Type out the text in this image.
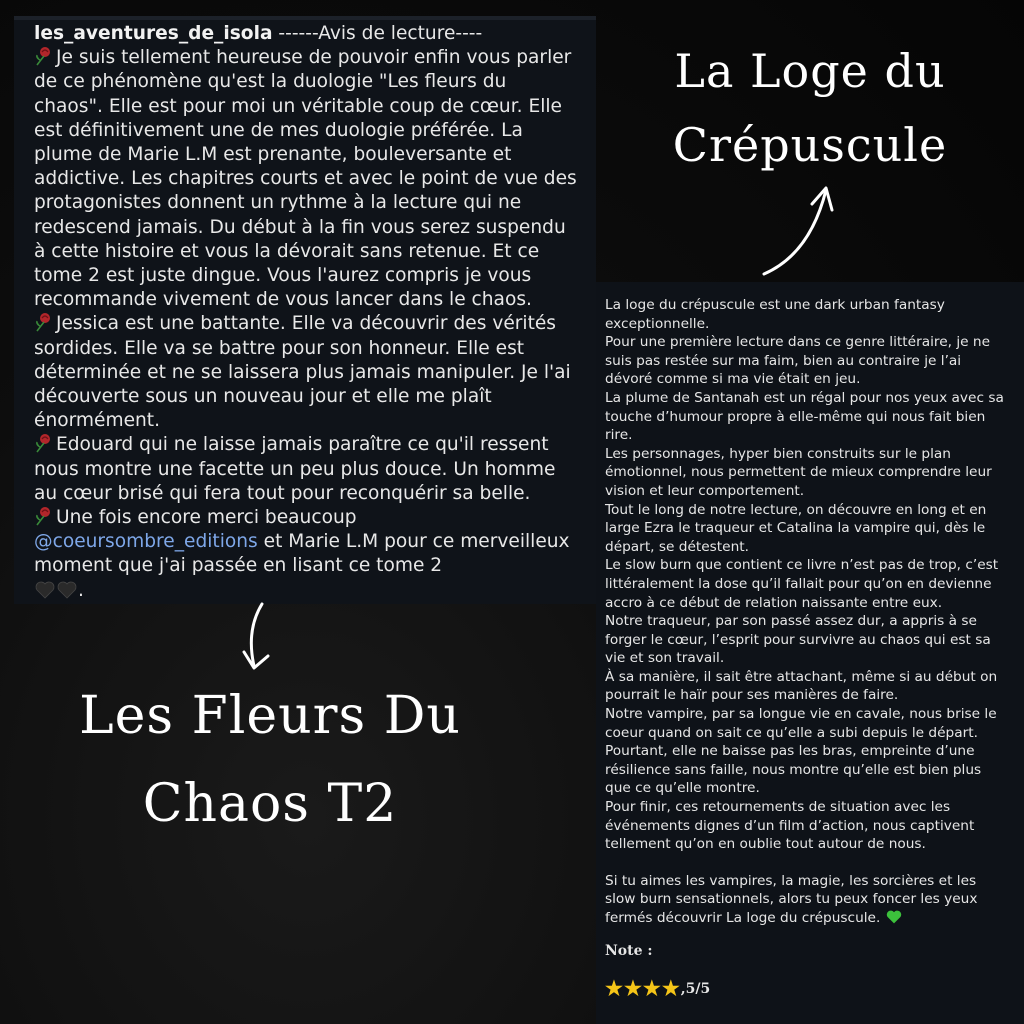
les_aventures_de_isola ------Avis de lecture----
Je suis tellement heureuse de pouvoir enfin vous parler de ce phénomène qu'est la duologie "Les fleurs du chaos". Elle est pour moi un véritable coup de cœur. Elle est définitivement une de mes duologie préférée. La plume de Marie L.M est prenante, bouleversante et addictive. Les chapitres courts et avec le point de vue des protagonistes donnent un rythme à la lecture qui ne redescend jamais. Du début à la fin vous serez suspendu à cette histoire et vous la dévorait sans retenue. Et ce tome 2 est juste dingue. Vous l'aurez compris je vous recommande vivement de vous lancer dans le chaos.
Jessica est une battante. Elle va découvrir des vérités sordides. Elle va se battre pour son honneur. Elle est déterminée et ne se laissera plus jamais manipuler. Je l'ai découverte sous un nouveau jour et elle me plaît énormément.
Edouard qui ne laisse jamais paraître ce qu'il ressent nous montre une facette un peu plus douce. Un homme au cœur brisé qui fera tout pour reconquérir sa belle.
Une fois encore merci beaucoup @coeursombre_editions et Marie L.M pour ce merveilleux moment que j'ai passée en lisant ce tome 2
.
La Loge du
Crépuscule
Les Fleurs Du
Chaos T2

La loge du crépuscule est une dark urban fantasy exceptionnelle.

Pour une première lecture dans ce genre littéraire, je ne suis pas restée sur ma faim, bien au contraire je l’ai dévoré comme si ma vie était en jeu.

La plume de Santanah est un régal pour nos yeux avec sa touche d’humour propre à elle-même qui nous fait bien rire.

Les personnages, hyper bien construits sur le plan émotionnel, nous permettent de mieux comprendre leur vision et leur comportement.

Tout le long de notre lecture, on découvre en long et en large Ezra le traqueur et Catalina la vampire qui, dès le départ, se détestent.

Le slow burn que contient ce livre n’est pas de trop, c’est littéralement la dose qu’il fallait pour qu’on en devienne accro à ce début de relation naissante entre eux.

Notre traqueur, par son passé assez dur, a appris à se forger le cœur, l’esprit pour survivre au chaos qui est sa vie et son travail.

À sa manière, il sait être attachant, même si au début on pourrait le haïr pour ses manières de faire.

Notre vampire, par sa longue vie en cavale, nous brise le coeur quand on sait ce qu’elle a subi depuis le départ.

Pourtant, elle ne baisse pas les bras, empreinte d’une résilience sans faille, nous montre qu’elle est bien plus que ce qu’elle montre.

Pour finir, ces retournements de situation avec les événements dignes d’un film d’action, nous captivent tellement qu’on en oublie tout autour de nous.

Si tu aimes les vampires, la magie, les sorcières et les slow burn sensationnels, alors tu peux foncer les yeux fermés découvrir La loge du crépuscule.

Note :
★★★★ ,5/5
